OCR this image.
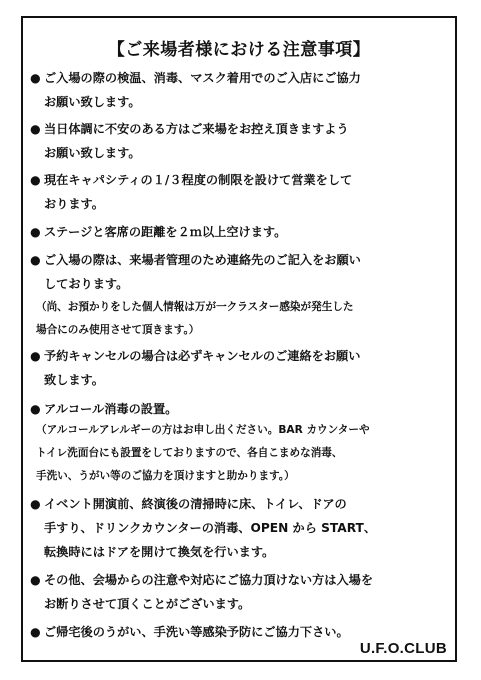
【ご来場者様における注意事項】
● ご入場の際の検温、消毒、マスク着用でのご入店にご協力
お願い致します。
● 当日体調に不安のある方はご来場をお控え頂きますよう
お願い致します。
● 現在キャパシティの１/３程度の制限を設けて営業をして
おります。
● ステージと客席の距離を２ｍ以上空けます。
● ご入場の際は、来場者管理のため連絡先のご記入をお願い
しております。
（尚、お預かりをした個人情報は万が一クラスター感染が発生した
場合にのみ使用させて頂きます。）
● 予約キャンセルの場合は必ずキャンセルのご連絡をお願い
致します。
● アルコール消毒の設置。
（アルコールアレルギーの方はお申し出ください。BAR カウンターや
トイレ洗面台にも設置をしておりますので、各自こまめな消毒、
手洗い、うがい等のご協力を頂けますと助かります。）
● イベント開演前、終演後の清掃時に床、トイレ、ドアの
手すり、ドリンクカウンターの消毒、OPEN から START、
転換時にはドアを開けて換気を行います。
● その他、会場からの注意や対応にご協力頂けない方は入場を
お断りさせて頂くことがございます。
● ご帰宅後のうがい、手洗い等感染予防にご協力下さい。
U.F.O.CLUB
